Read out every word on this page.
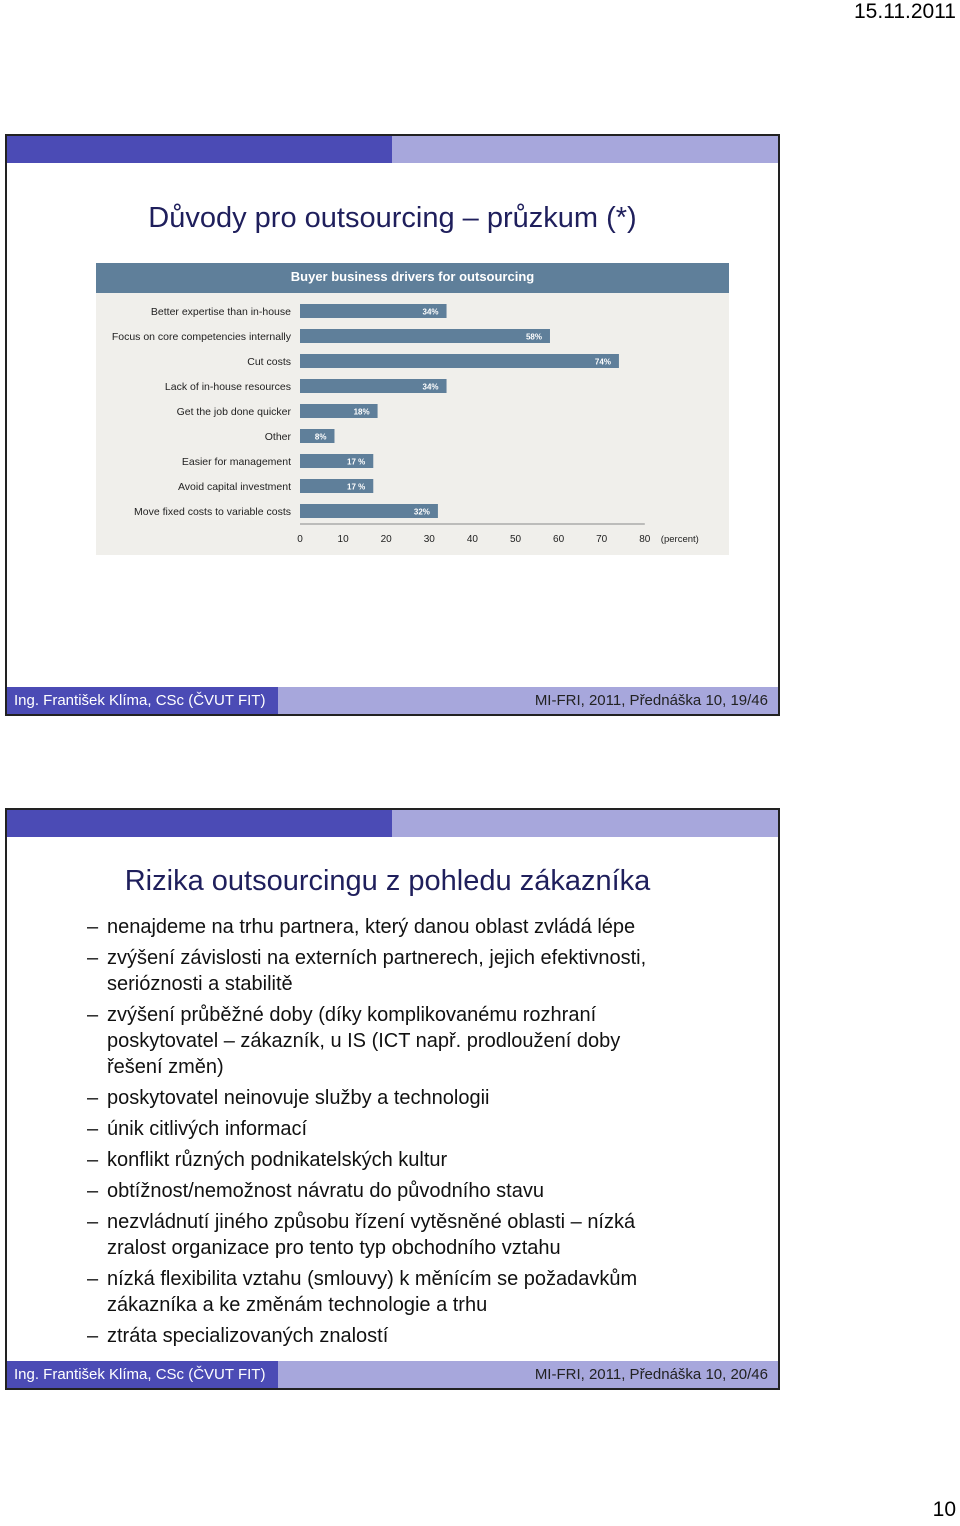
15.11.2011
Důvody pro outsourcing – průzkum (*)
Buyer business drivers for outsourcing
Better expertise than in-house	34%
Focus on core competencies internally	58%
Cut costs	74%
Lack of in-house resources	34%
Get the job done quicker	18%
Other	8%
Easier for management	17 %
Avoid capital investment	17 %
Move fixed costs to variable costs	32%
0	10	20	30	40	50	60	70	80 (percent)
Ing. František Klíma, CSc (ČVUT FIT)	MI-FRI, 2011, Přednáška 10, 19/46
Rizika outsourcingu z pohledu zákazníka
– nenajdeme na trhu partnera, který danou oblast zvládá lépe
– zvýšení závislosti na externích partnerech, jejich efektivnosti,
serióznosti a stabilitě
– zvýšení průběžné doby (díky komplikovanému rozhraní
poskytovatel – zákazník, u IS (ICT např. prodloužení doby
řešení změn)
– poskytovatel neinovuje služby a technologii
– únik citlivých informací
– konflikt různých podnikatelských kultur
– obtížnost/nemožnost návratu do původního stavu
– nezvládnutí jiného způsobu řízení vytěsněné oblasti – nízká
zralost organizace pro tento typ obchodního vztahu
– nízká flexibilita vztahu (smlouvy) k měnícím se požadavkům
zákazníka a ke změnám technologie a trhu
– ztráta specializovaných znalostí
Ing. František Klíma, CSc (ČVUT FIT)	MI-FRI, 2011, Přednáška 10, 20/46
10
